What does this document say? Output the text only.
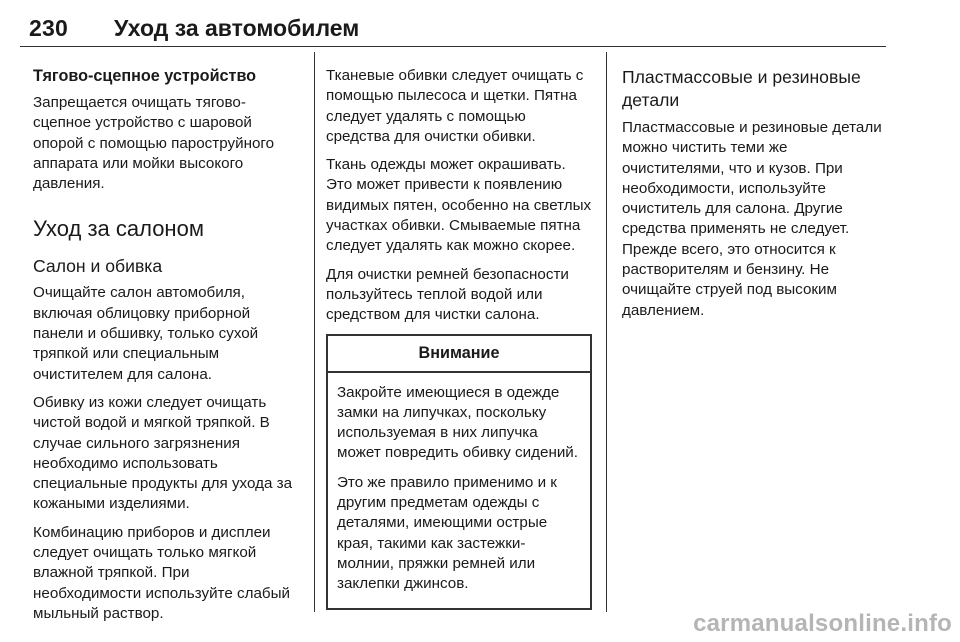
230 Уход за автомобилем
Тягово-сцепное устройство

Запрещается очищать тягово-сцепное устройство с шаровой опорой с помощью пароструйного аппарата или мойки высокого давления.

Уход за салоном
Салон и обивка

Очищайте салон автомобиля, включая облицовку приборной панели и обшивку, только сухой тряпкой или специальным очистителем для салона.

Обивку из кожи следует очищать чистой водой и мягкой тряпкой. В случае сильного загрязнения необходимо использовать специальные продукты для ухода за кожаными изделиями.

Комбинацию приборов и дисплеи следует очищать только мягкой влажной тряпкой. При необходимости используйте слабый мыльный раствор.

Тканевые обивки следует очищать с помощью пылесоса и щетки. Пятна следует удалять с помощью средства для очистки обивки.

Ткань одежды может окрашивать. Это может привести к появлению видимых пятен, особенно на светлых участках обивки. Смываемые пятна следует удалять как можно скорее.

Для очистки ремней безопасности пользуйтесь теплой водой или средством для чистки салона.

Внимание

Закройте имеющиеся в одежде замки на липучках, поскольку используемая в них липучка может повредить обивку сидений.

Это же правило применимо и к другим предметам одежды с деталями, имеющими острые края, такими как застежки-молнии, пряжки ремней или заклепки джинсов.

Пластмассовые и резиновые детали

Пластмассовые и резиновые детали можно чистить теми же очистителями, что и кузов. При необходимости, используйте очиститель для салона. Другие средства применять не следует. Прежде всего, это относится к растворителям и бензину. Не очищайте струей под высоким давлением.

carmanualsonline.info
